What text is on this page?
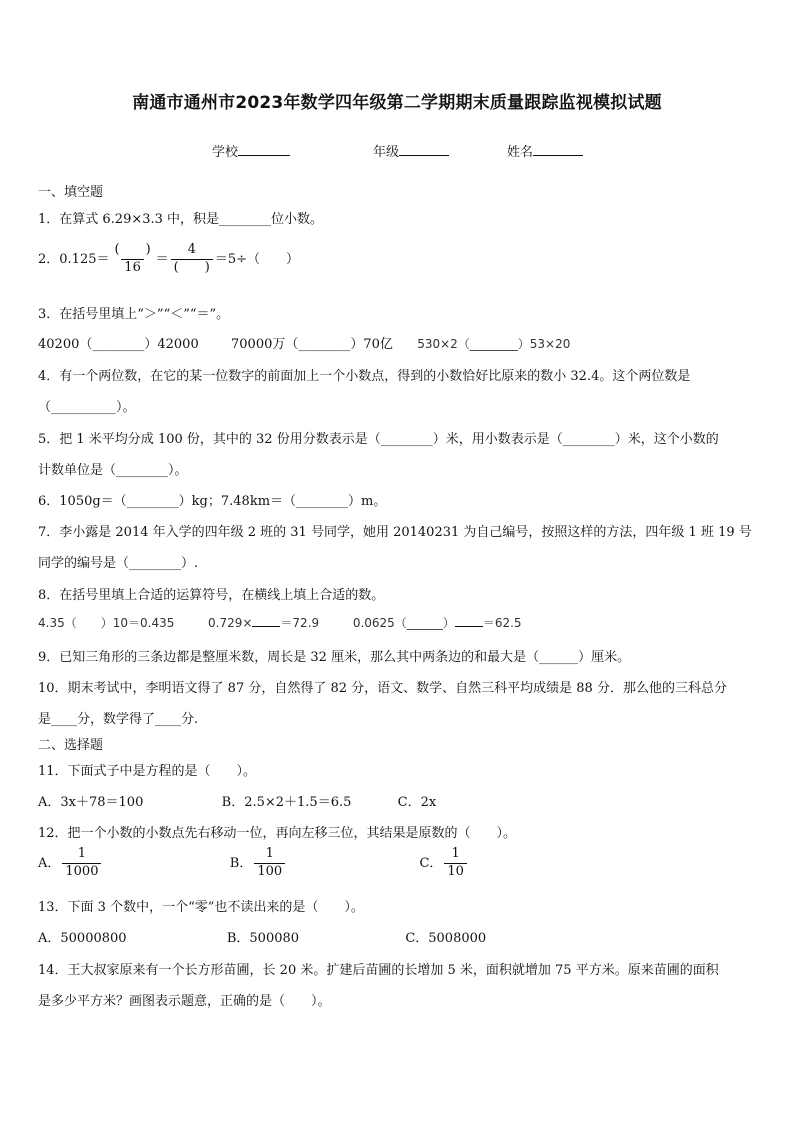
南通市通州市2023年数学四年级第二学期期末质量跟踪监视模拟试题
学校	年级	姓名
一、填空题
1．在算式 6.29×3.3 中，积是________位小数。
2．$0.125= \frac{( )}{16} = \frac{4}{( )} =5\div$（　　）
3．在括号里填上“＞”“＜”“＝”。
40200（________）42000 70000万（________）70亿 530×2（________）53×20
4．有一个两位数，在它的某一位数字的前面加上一个小数点，得到的小数恰好比原来的数小 32.4。这个两位数是
（__________）。
5．把 1 米平均分成 100 份，其中的 32 份用分数表示是（________）米，用小数表示是（________）米，这个小数的
计数单位是（________）。
6．1050g＝（________）kg；7.48km＝（________）m。
7．李小露是 2014 年入学的四年级 2 班的 31 号同学，她用 20140231 为自己编号，按照这样的方法，四年级 1 班 19 号
同学的编号是（________）.
8．在括号里填上合适的运算符号，在横线上填上合适的数。
4.35（　　）10＝0.435	0.729× ＝72.9	0.0625（______） ＝62.5
9．已知三角形的三条边都是整厘米数，周长是 32 厘米，那么其中两条边的和最大是（______）厘米。
10．期末考试中，李明语文得了 87 分，自然得了 82 分，语文、数学、自然三科平均成绩是 88 分．那么他的三科总分
是____分，数学得了____分.
二、选择题
11．下面式子中是方程的是（　　）。
A．3x＋78＝100	B．2.5×2＋1.5＝6.5	C．2x
12．把一个小数的小数点先右移动一位，再向左移三位，其结果是原数的（　　）。
A． $\frac{1}{1000}$	B． $\frac{1}{100}$	C． $\frac{1}{10}$
13．下面 3 个数中，一个“零”也不读出来的是（　　）。
A．50000800	B．500080	C．5008000
14．王大叔家原来有一个长方形苗圃，长 20 米。扩建后苗圃的长增加 5 米，面积就增加 75 平方米。原来苗圃的面积
是多少平方米？画图表示题意，正确的是（　　）。
